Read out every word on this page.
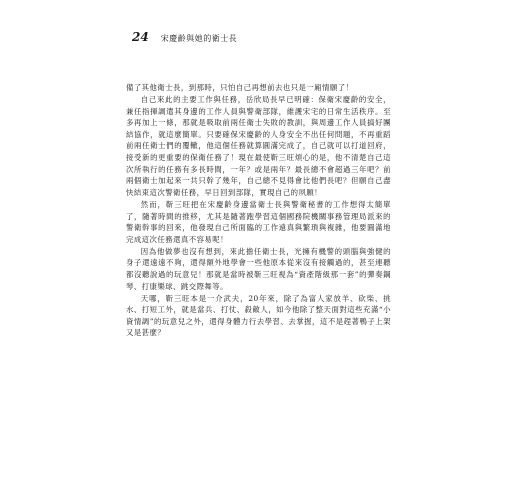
24 宋慶齡與她的衛士長

備了其他衛士長，到那時，只怕自己再想前去也只是一廂情願了！

自己來此的主要工作與任務，岳欣局長早已明確：保衛宋慶齡的安全，兼任指揮調遣其身邊的工作人員與警衛部隊，維護宋宅的日常生活秩序。至多再加上一條，那就是吸取前兩任衛士失敗的教訓，與周邊工作人員搞好團結協作，就這麼簡單。只要確保宋慶齡的人身安全不出任何問題，不再重蹈前兩任衛士們的覆轍，他這個任務就算圓滿完成了，自己就可以打道回府，接受新的更重要的保衛任務了！現在最使靳三旺煩心的是，他不清楚自己這次所執行的任務有多長時間，一年？或是兩年？最長總不會超過三年吧？前兩個衛士加起來一共只幹了幾年，自己總不見得會比他們長吧？但願自己盡快結束這次警衛任務，早日回到部隊，實現自己的夙願！

然而，靳三旺把在宋慶齡身邊當衛士長與警衛秘書的工作想得太簡單了，隨著時間的推移，尤其是隨著跑學習這個國務院機關事務管理局派來的警衛幹事的回來，他發現自己所面臨的工作遠真與繁瑣與複雜，他要圓滿地完成這次任務還真不容易呢！

因為他做夢也沒有想到，來此擔任衛士長，光擁有機警的頭腦與強健的身子還遠遠不夠，還得額外地學會一些他原本從來沒有接觸過的，甚至連聽都沒聽說過的玩意兒！那就是當時被靳三旺視為“資產階級那一套”的彈奏鋼琴、打康樂球、跳交際舞等。

天哪，靳三旺本是一介武夫，20年來，除了為富人家放羊、砍柴、挑水、打短工外，就是當兵、打仗、殺敵人，如今他除了整天面對這些充滿“小資情調”的玩意兒之外，還得身體力行去學習、去掌握，這不是趕著鴨子上架又是甚麼？
